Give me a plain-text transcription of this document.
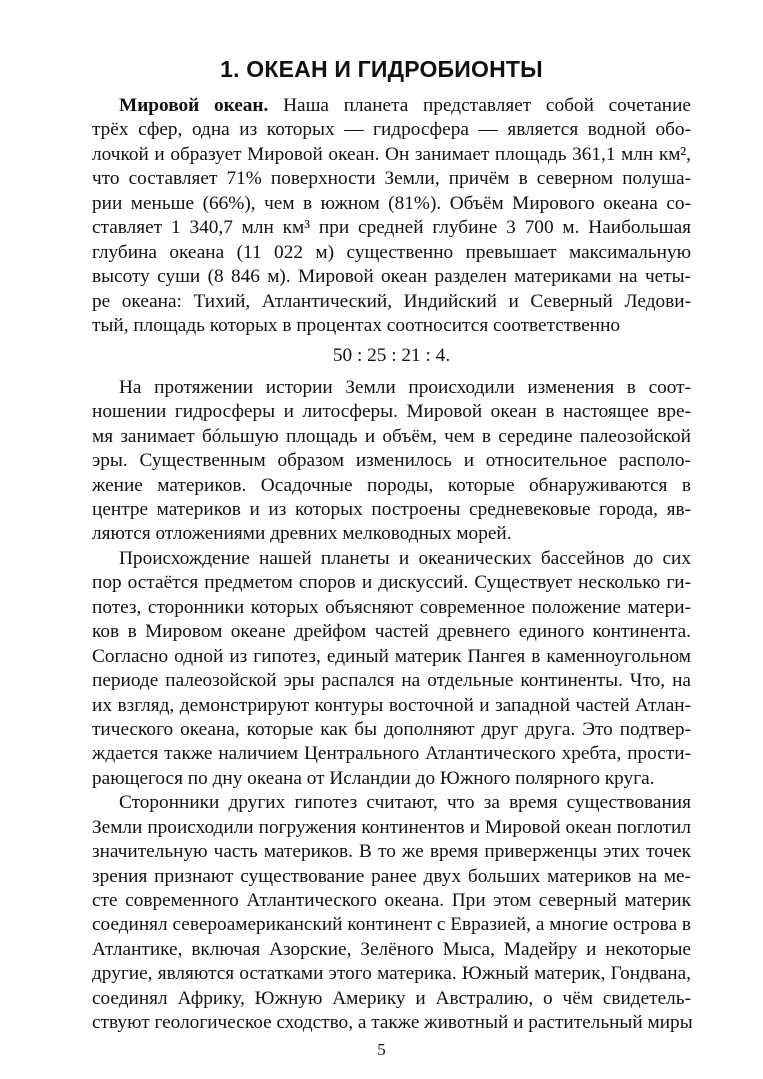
1. ОКЕАН И ГИДРОБИОНТЫ
Мировой океан. Наша планета представляет собой сочетание
трёх сфер, одна из которых — гидросфера — является водной обо-
лочкой и образует Мировой океан. Он занимает площадь 361,1 млн км²,
что составляет 71% поверхности Земли, причём в северном полуша-
рии меньше (66%), чем в южном (81%). Объём Мирового океана со-
ставляет 1 340,7 млн км³ при средней глубине 3 700 м. Наибольшая
глубина океана (11 022 м) существенно превышает максимальную
высоту суши (8 846 м). Мировой океан разделен материками на четы-
ре океана: Тихий, Атлантический, Индийский и Северный Ледови-
тый, площадь которых в процентах соотносится соответственно
50 : 25 : 21 : 4.
На протяжении истории Земли происходили изменения в соот-
ношении гидросферы и литосферы. Мировой океан в настоящее вре-
мя занимает бóльшую площадь и объём, чем в середине палеозойской
эры. Существенным образом изменилось и относительное располо-
жение материков. Осадочные породы, которые обнаруживаются в
центре материков и из которых построены средневековые города, яв-
ляются отложениями древних мелководных морей.
Происхождение нашей планеты и океанических бассейнов до сих
пор остаётся предметом споров и дискуссий. Существует несколько ги-
потез, сторонники которых объясняют современное положение матери-
ков в Мировом океане дрейфом частей древнего единого континента.
Согласно одной из гипотез, единый материк Пангея в каменноугольном
периоде палеозойской эры распался на отдельные континенты. Что, на
их взгляд, демонстрируют контуры восточной и западной частей Атлан-
тического океана, которые как бы дополняют друг друга. Это подтвер-
ждается также наличием Центрального Атлантического хребта, прости-
рающегося по дну океана от Исландии до Южного полярного круга.
Сторонники других гипотез считают, что за время существования
Земли происходили погружения континентов и Мировой океан поглотил
значительную часть материков. В то же время приверженцы этих точек
зрения признают существование ранее двух больших материков на ме-
сте современного Атлантического океана. При этом северный материк
соединял североамериканский континент с Евразией, а многие острова в
Атлантике, включая Азорские, Зелёного Мыса, Мадейру и некоторые
другие, являются остатками этого материка. Южный материк, Гондвана,
соединял Африку, Южную Америку и Австралию, о чём свидетель-
ствуют геологическое сходство, а также животный и растительный миры
5
